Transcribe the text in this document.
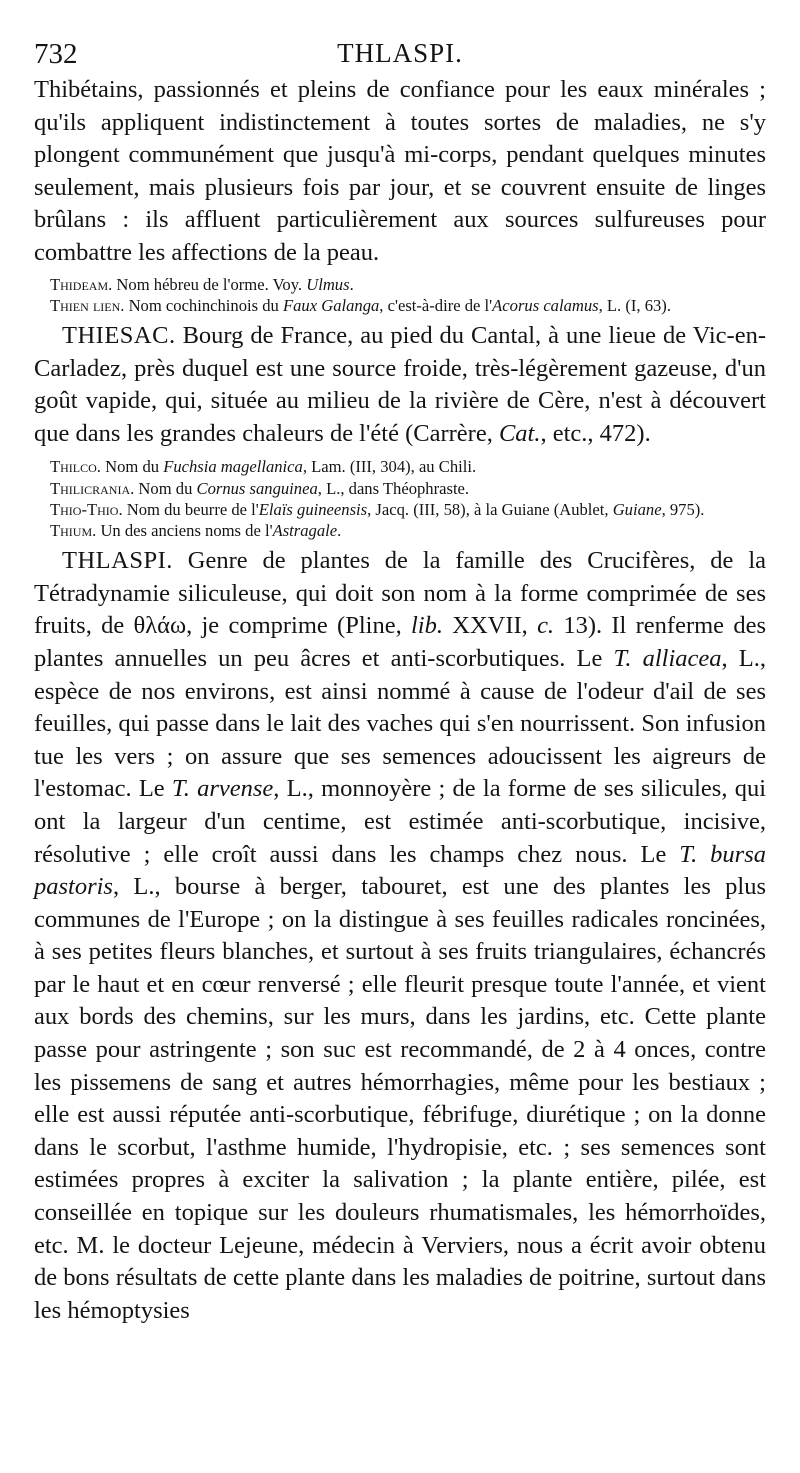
732	THLASPI.

Thibétains, passionnés et pleins de confiance pour les eaux minérales ; qu'ils appliquent indistinctement à toutes sortes de maladies, ne s'y plongent communément que jusqu'à mi-corps, pendant quelques minutes seulement, mais plusieurs fois par jour, et se couvrent ensuite de linges brûlans : ils affluent particulièrement aux sources sulfureuses pour combattre les affections de la peau.

Thideam. Nom hébreu de l'orme. Voy. Ulmus.

Thien lien. Nom cochinchinois du Faux Galanga, c'est-à-dire de l'Acorus calamus, L. (I, 63).

THIESAC. Bourg de France, au pied du Cantal, à une lieue de Vic-en-Carladez, près duquel est une source froide, très-légèrement gazeuse, d'un goût vapide, qui, située au milieu de la rivière de Cère, n'est à découvert que dans les grandes chaleurs de l'été (Carrère, Cat., etc., 472).

Thilco. Nom du Fuchsia magellanica, Lam. (III, 304), au Chili.

Thilicrania. Nom du Cornus sanguinea, L., dans Théophraste.

Thio-Thio. Nom du beurre de l'Elaïs guineensis, Jacq. (III, 58), à la Guiane (Aublet, Guiane, 975).

Thium. Un des anciens noms de l'Astragale.

THLASPI. Genre de plantes de la famille des Crucifères, de la Tétradynamie siliculeuse, qui doit son nom à la forme comprimée de ses fruits, de θλάω, je comprime (Pline, lib. XXVII, c. 13). Il renferme des plantes annuelles un peu âcres et anti-scorbutiques. Le T. alliacea, L., espèce de nos environs, est ainsi nommé à cause de l'odeur d'ail de ses feuilles, qui passe dans le lait des vaches qui s'en nourrissent. Son infusion tue les vers ; on assure que ses semences adoucissent les aigreurs de l'estomac. Le T. arvense, L., monnoyère ; de la forme de ses silicules, qui ont la largeur d'un centime, est estimée anti-scorbutique, incisive, résolutive ; elle croît aussi dans les champs chez nous. Le T. bursa pastoris, L., bourse à berger, tabouret, est une des plantes les plus communes de l'Europe ; on la distingue à ses feuilles radicales roncinées, à ses petites fleurs blanches, et surtout à ses fruits triangulaires, échancrés par le haut et en cœur renversé ; elle fleurit presque toute l'année, et vient aux bords des chemins, sur les murs, dans les jardins, etc. Cette plante passe pour astringente ; son suc est recommandé, de 2 à 4 onces, contre les pissemens de sang et autres hémorrhagies, même pour les bestiaux ; elle est aussi réputée anti-scorbutique, fébrifuge, diurétique ; on la donne dans le scorbut, l'asthme humide, l'hydropisie, etc. ; ses semences sont estimées propres à exciter la salivation ; la plante entière, pilée, est conseillée en topique sur les douleurs rhumatismales, les hémorrhoïdes, etc. M. le docteur Lejeune, médecin à Verviers, nous a écrit avoir obtenu de bons résultats de cette plante dans les maladies de poitrine, surtout dans les hémoptysies
